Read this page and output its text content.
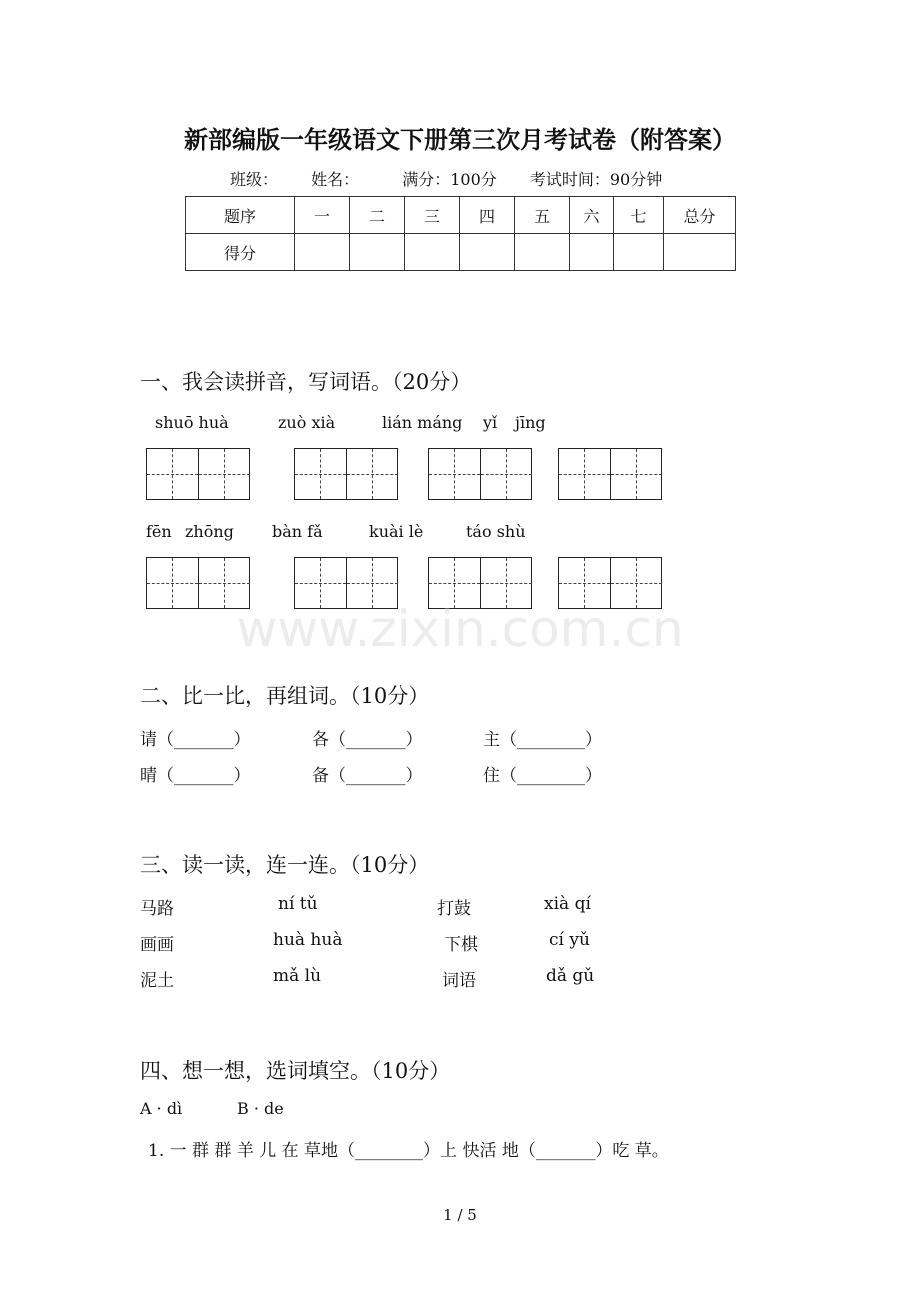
新部编版一年级语文下册第三次月考试卷（附答案）
班级： 姓名：	满分：100分 考试时间：90分钟
题序	一	二	三	四	五	六	七	总分
得分								
一、我会读拼音，写词语。（20分）
shuō huà	zuò xià	lián máng yǐ jīng
fēn zhōng bàn fǎ	kuài lè	táo shù
www.zixin.com.cn
二、比一比，再组词。（10分）
请（_______）	各（_______）	主（________）
晴（_______）	备（_______）	住（________）
三、读一读，连一连。（10分）
马路	ní tǔ	打鼓	xià qí
画画	huà huà	下棋	cí yǔ
泥土	mǎ lù	词语	dǎ gǔ
四、想一想，选词填空。（10分）
A · dì	B · de
1. 一 群 群 羊 儿 在 草地（________）上 快活 地（_______）吃 草。
1 / 5
